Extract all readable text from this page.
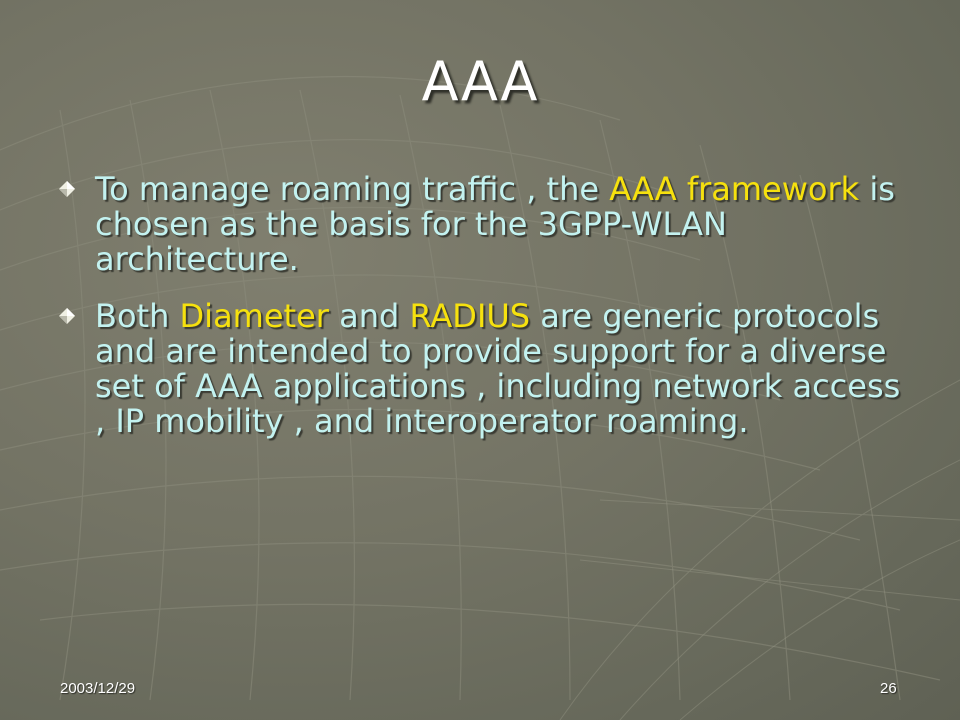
AAA
To manage roaming traffic , the AAA framework is chosen as the basis for the 3GPP-WLAN architecture.
Both Diameter and RADIUS are generic protocols and are intended to provide support for a diverse set of AAA applications , including network access , IP mobility , and interoperator roaming.
2003/12/29	26
